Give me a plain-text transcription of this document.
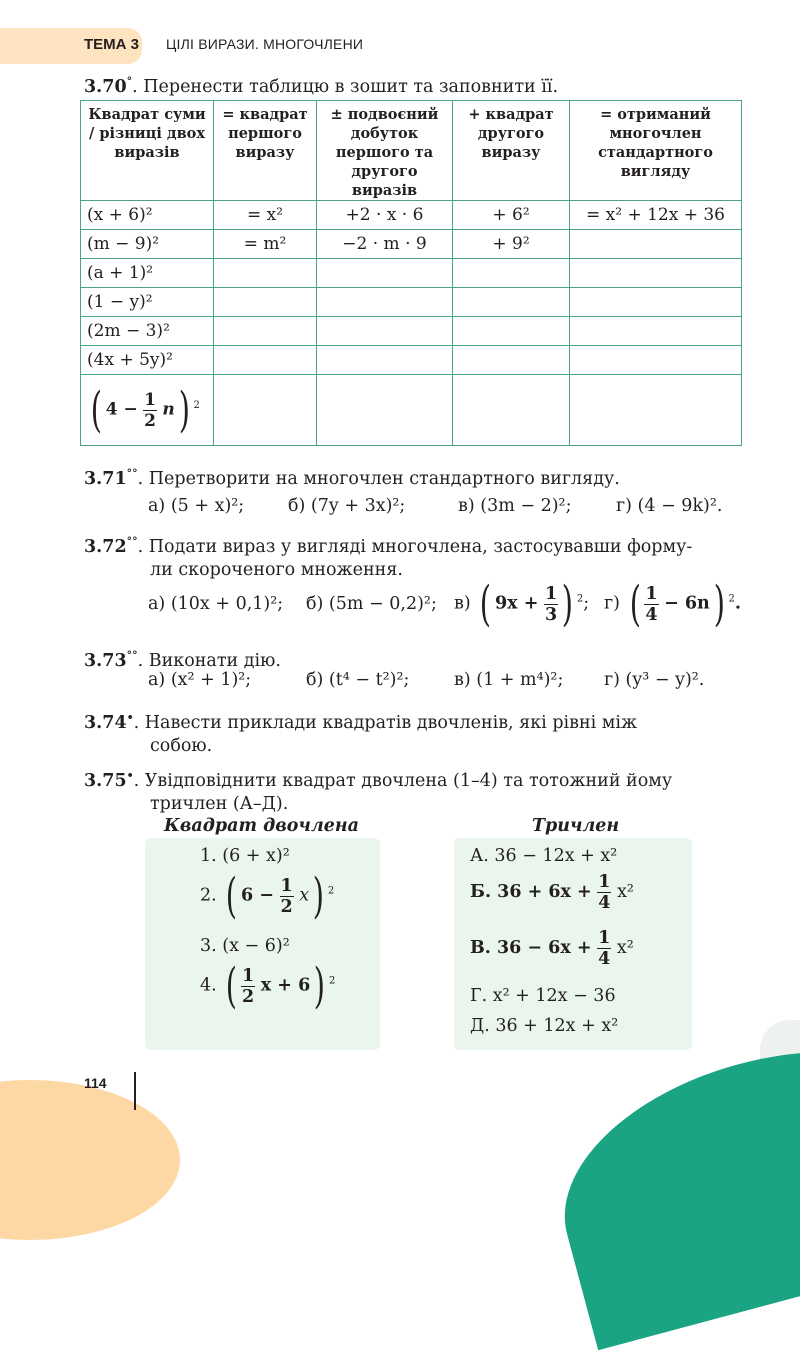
ТЕМА 3 ЦІЛІ ВИРАЗИ. МНОГОЧЛЕНИ
3.70°. Перенести таблицю в зошит та заповнити її.
Квадрат суми / різниці двох виразів	= квадрат першого виразу	± подвоєний добуток першого та другого виразів	+ квадрат другого виразу	= отриманий многочлен стандартного вигляду
(x + 6)²	= x²	+2 · x · 6	+ 6²	= x² + 12x + 36
(m − 9)²	= m²	−2 · m · 9	+ 9²	
(a + 1)²				
(1 − y)²				
(2m − 3)²				
(4x + 5y)²				
( $4 - \frac{1}{2} n$) $^2$				
3.71°°. Перетворити на многочлен стандартного вигляду.
а) (5 + x)²;	б) (7y + 3x)²;	в) (3m − 2)²;	г) (4 − 9k)².
3.72°°. Подати вираз у вигляді многочлена, застосувавши форму-
ли скороченого множення.
а) (10x + 0,1)²; б) (5m − 0,2)²; в) ( $9x + \frac{1}{3}$ ) $^2$; г) ( $\frac{1}{4} - 6n$) $^2$.
3.73°°. Виконати дію.
а) (x² + 1)²;	б) (t⁴ − t²)²;	в) (1 + m⁴)²; г) (y³ − y)².
3.74•. Навести приклади квадратів двочленів, які рівні між
собою.
3.75•. Увідповіднити квадрат двочлена (1–4) та тотожний йому
тричлен (А–Д).
Квадрат двочлена	Тричлен
1. (6 + x)²
2. ( $6 - \frac{1}{2} x$) $^2$
3. (x − 6)²
4. ( $\frac{1}{2}$ x + 6) $^2$
А. 36 − 12x + x²
Б. $36 + 6x + \frac{1}{4} x^2$
В. $36 - 6x + \frac{1}{4} x^2$
Г. x² + 12x − 36
Д. 36 + 12x + x²
114
